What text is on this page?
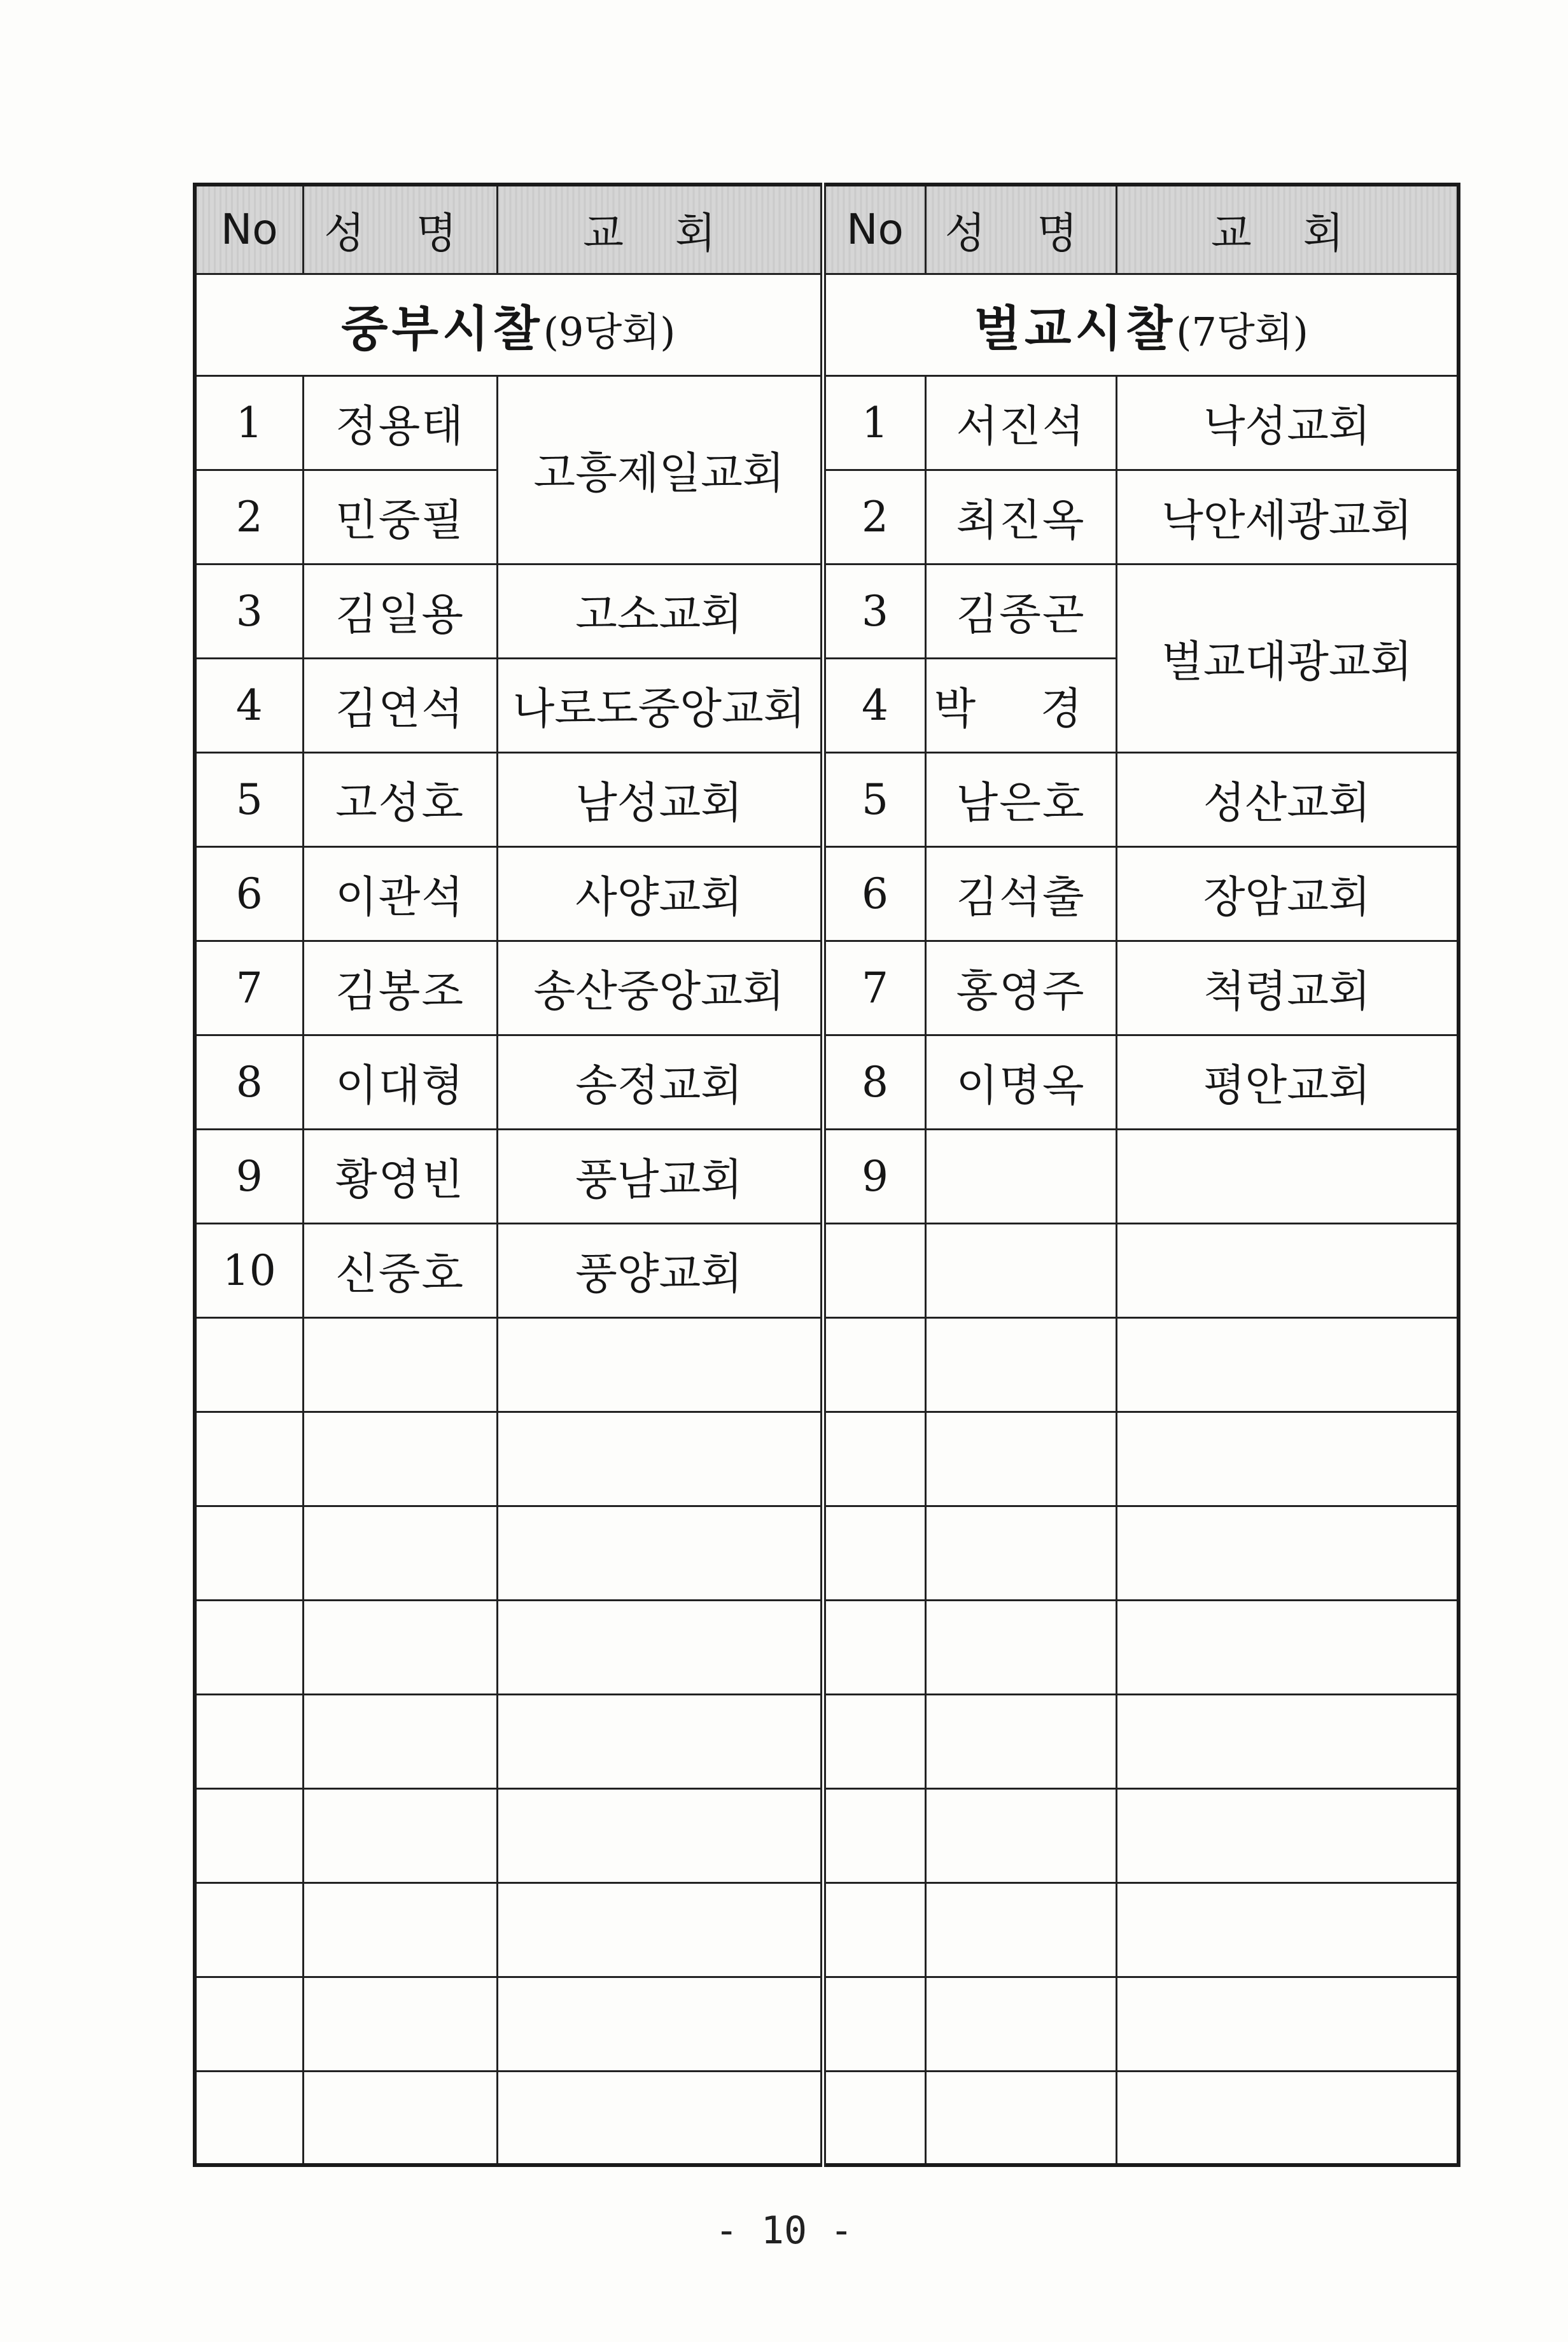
No	성 명	교 회	No	성 명	교 회
중부시찰(9당회)			벌교시찰(7당회)		
1	정용태	고흥제일교회	1	서진석	낙성교회
2	민중필		2	최진옥	낙안세광교회
3	김일용	고소교회	3	김종곤	벌교대광교회
4	김연석	나로도중앙교회	4	박 경	
5	고성호	남성교회	5	남은호	성산교회
6	이관석	사양교회	6	김석출	장암교회
7	김봉조	송산중앙교회	7	홍영주	척령교회
8	이대형	송정교회	8	이명옥	평안교회
9	황영빈	풍남교회	9		
10	신중호	풍양교회			

- 10 -
